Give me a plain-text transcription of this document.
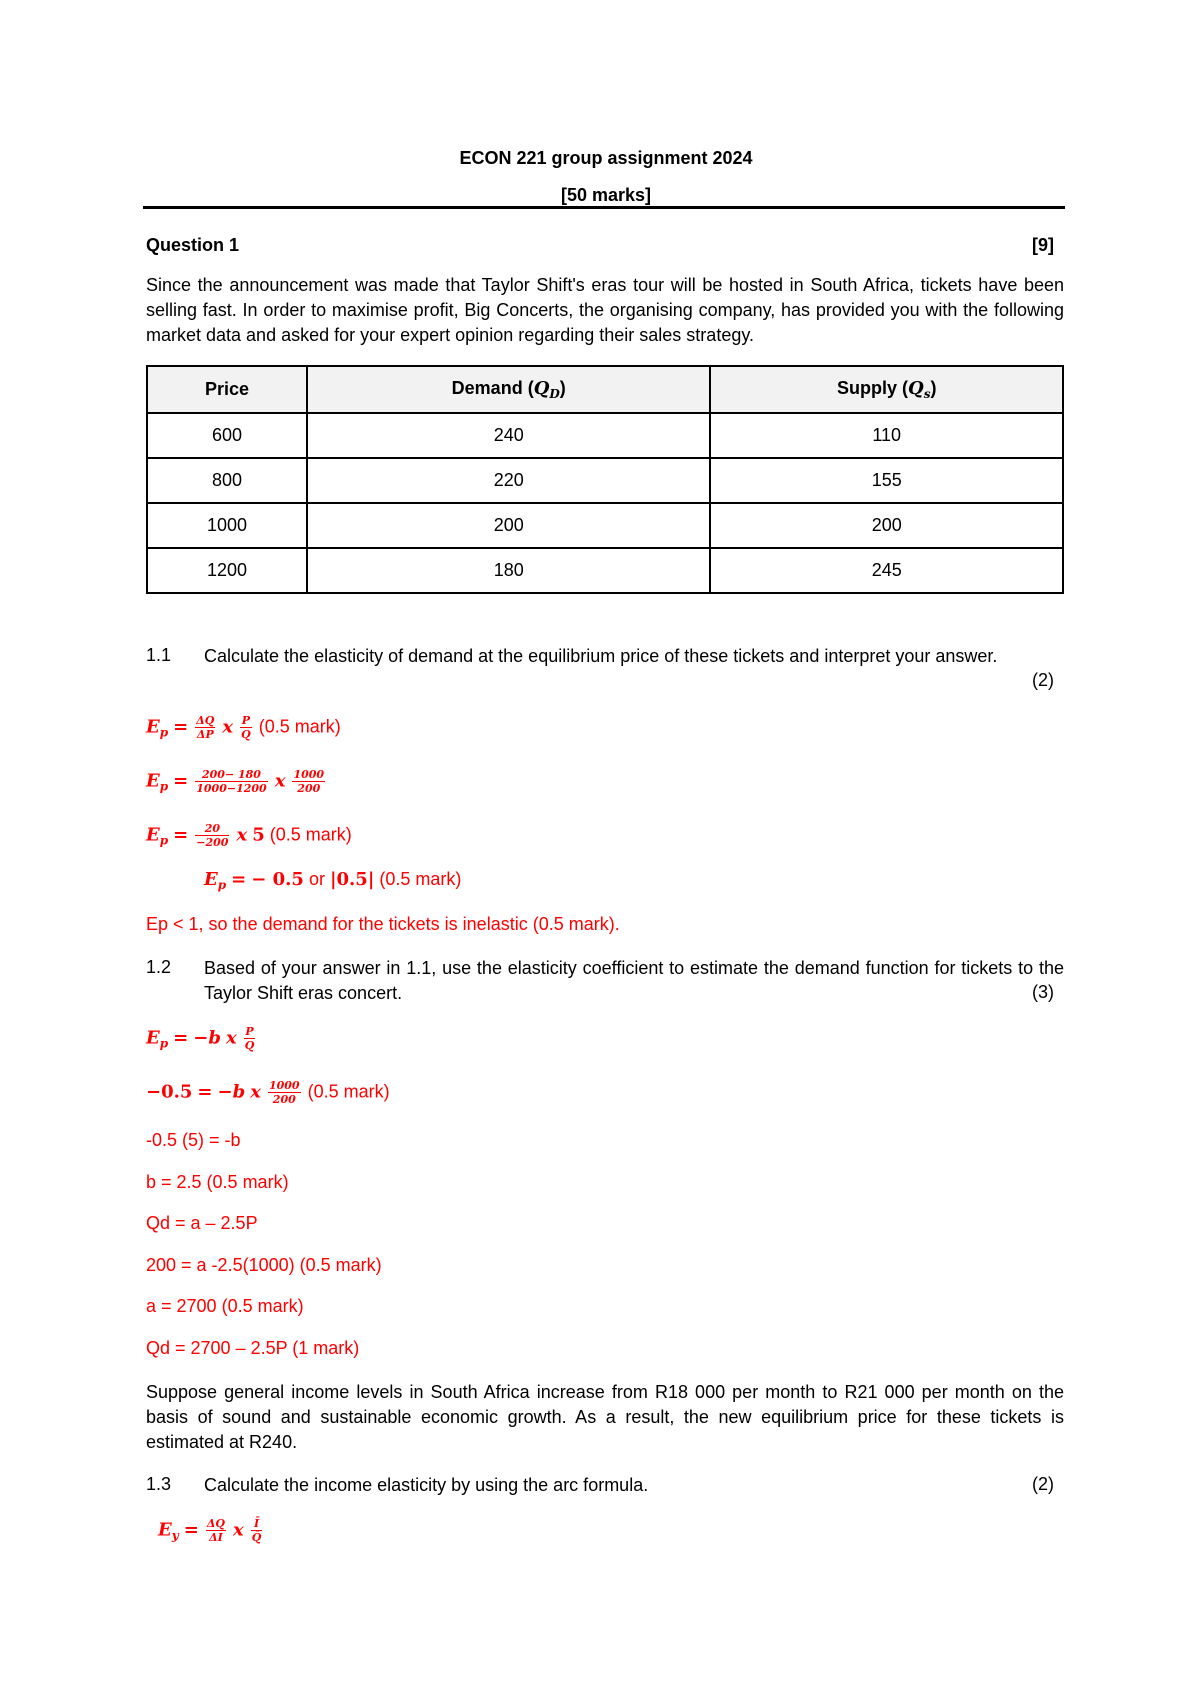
ECON 221 group assignment 2024
[50 marks]
Question 1	[9]
Since the announcement was made that Taylor Shift's eras tour will be hosted in South Africa, tickets have been selling fast. In order to maximise profit, Big Concerts, the organising company, has provided you with the following market data and asked for your expert opinion regarding their sales strategy.
Price	Demand $(Q_D)$	Supply $(Q_s)$
600	240	110
800	220	155
1000	200	200
1200	180	245
1.1 Calculate the elasticity of demand at the equilibrium price of these tickets and interpret your answer.
(2)
$E_p = \frac{\Delta Q}{\Delta P}$ x $\frac{P}{Q} (0.5$ mark)
$E_p = \frac{200- 180}{1000-1200}$ x $\frac{1000}{200}$
$E_p = \frac{20}{-200}$ x 5 (0.5 mark)
$E_p$ = − 0.5 or |0.5| (0.5 mark)
Ep < 1, so the demand for the tickets is inelastic (0.5 mark).
1.2 Based of your answer in 1.1, use the elasticity coefficient to estimate the demand function for tickets to the Taylor Shift eras concert.	(3)
$E_p = -b$ x $\frac{P}{Q}$
−0.5 = −b x $\frac{1000}{200} (0.5$ mark)
-0.5 (5) = -b
b = 2.5 (0.5 mark)
Qd = a – 2.5P
200 = a -2.5(1000) (0.5 mark)
a = 2700 (0.5 mark)
Qd = 2700 – 2.5P (1 mark)
Suppose general income levels in South Africa increase from R18 000 per month to R21 000 per month on the basis of sound and sustainable economic growth. As a result, the new equilibrium price for these tickets is estimated at R240.
1.3 Calculate the income elasticity by using the arc formula.	(2)
$E_y = \frac{\Delta Q}{\Delta I}$ x $\frac{Ī}{Q̄}$
